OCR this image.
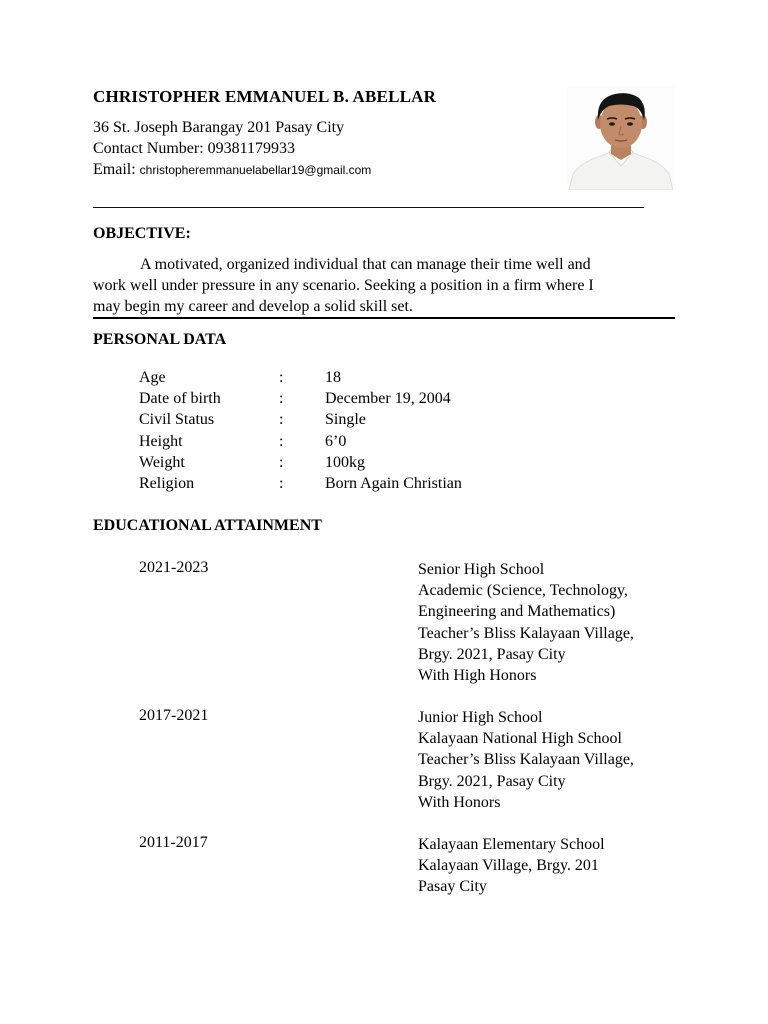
CHRISTOPHER EMMANUEL B. ABELLAR
36 St. Joseph Barangay 201 Pasay City
Contact Number: 09381179933
Email: christopheremmanuelabellar19@gmail.com
OBJECTIVE:
A motivated, organized individual that can manage their time well and
work well under pressure in any scenario. Seeking a position in a firm where I
may begin my career and develop a solid skill set.
PERSONAL DATA
Age	:	18
Date of birth	:	December 19, 2004
Civil Status	:	Single
Height	:	6’0
Weight	:	100kg
Religion	:	Born Again Christian
EDUCATIONAL ATTAINMENT
2021-2023	Senior High School
Academic (Science, Technology,
Engineering and Mathematics)
Teacher’s Bliss Kalayaan Village,
Brgy. 2021, Pasay City
With High Honors
2017-2021	Junior High School
Kalayaan National High School
Teacher’s Bliss Kalayaan Village,
Brgy. 2021, Pasay City
With Honors
2011-2017	Kalayaan Elementary School
Kalayaan Village, Brgy. 201
Pasay City
